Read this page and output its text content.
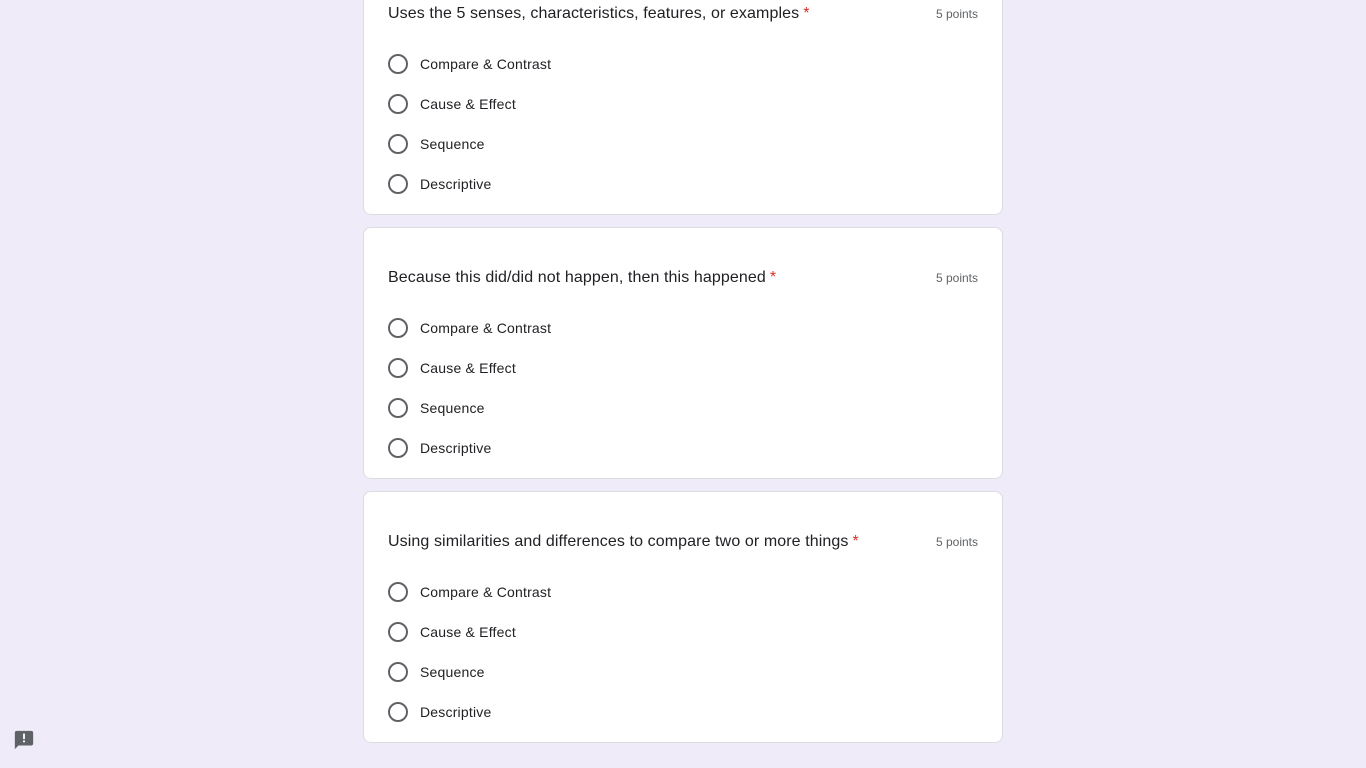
Uses the 5 senses, characteristics, features, or examples *	5 points
Compare & Contrast
Cause & Effect
Sequence
Descriptive
Because this did/did not happen, then this happened *	5 points
Compare & Contrast
Cause & Effect
Sequence
Descriptive
Using similarities and differences to compare two or more things *	5 points
Compare & Contrast
Cause & Effect
Sequence
Descriptive
